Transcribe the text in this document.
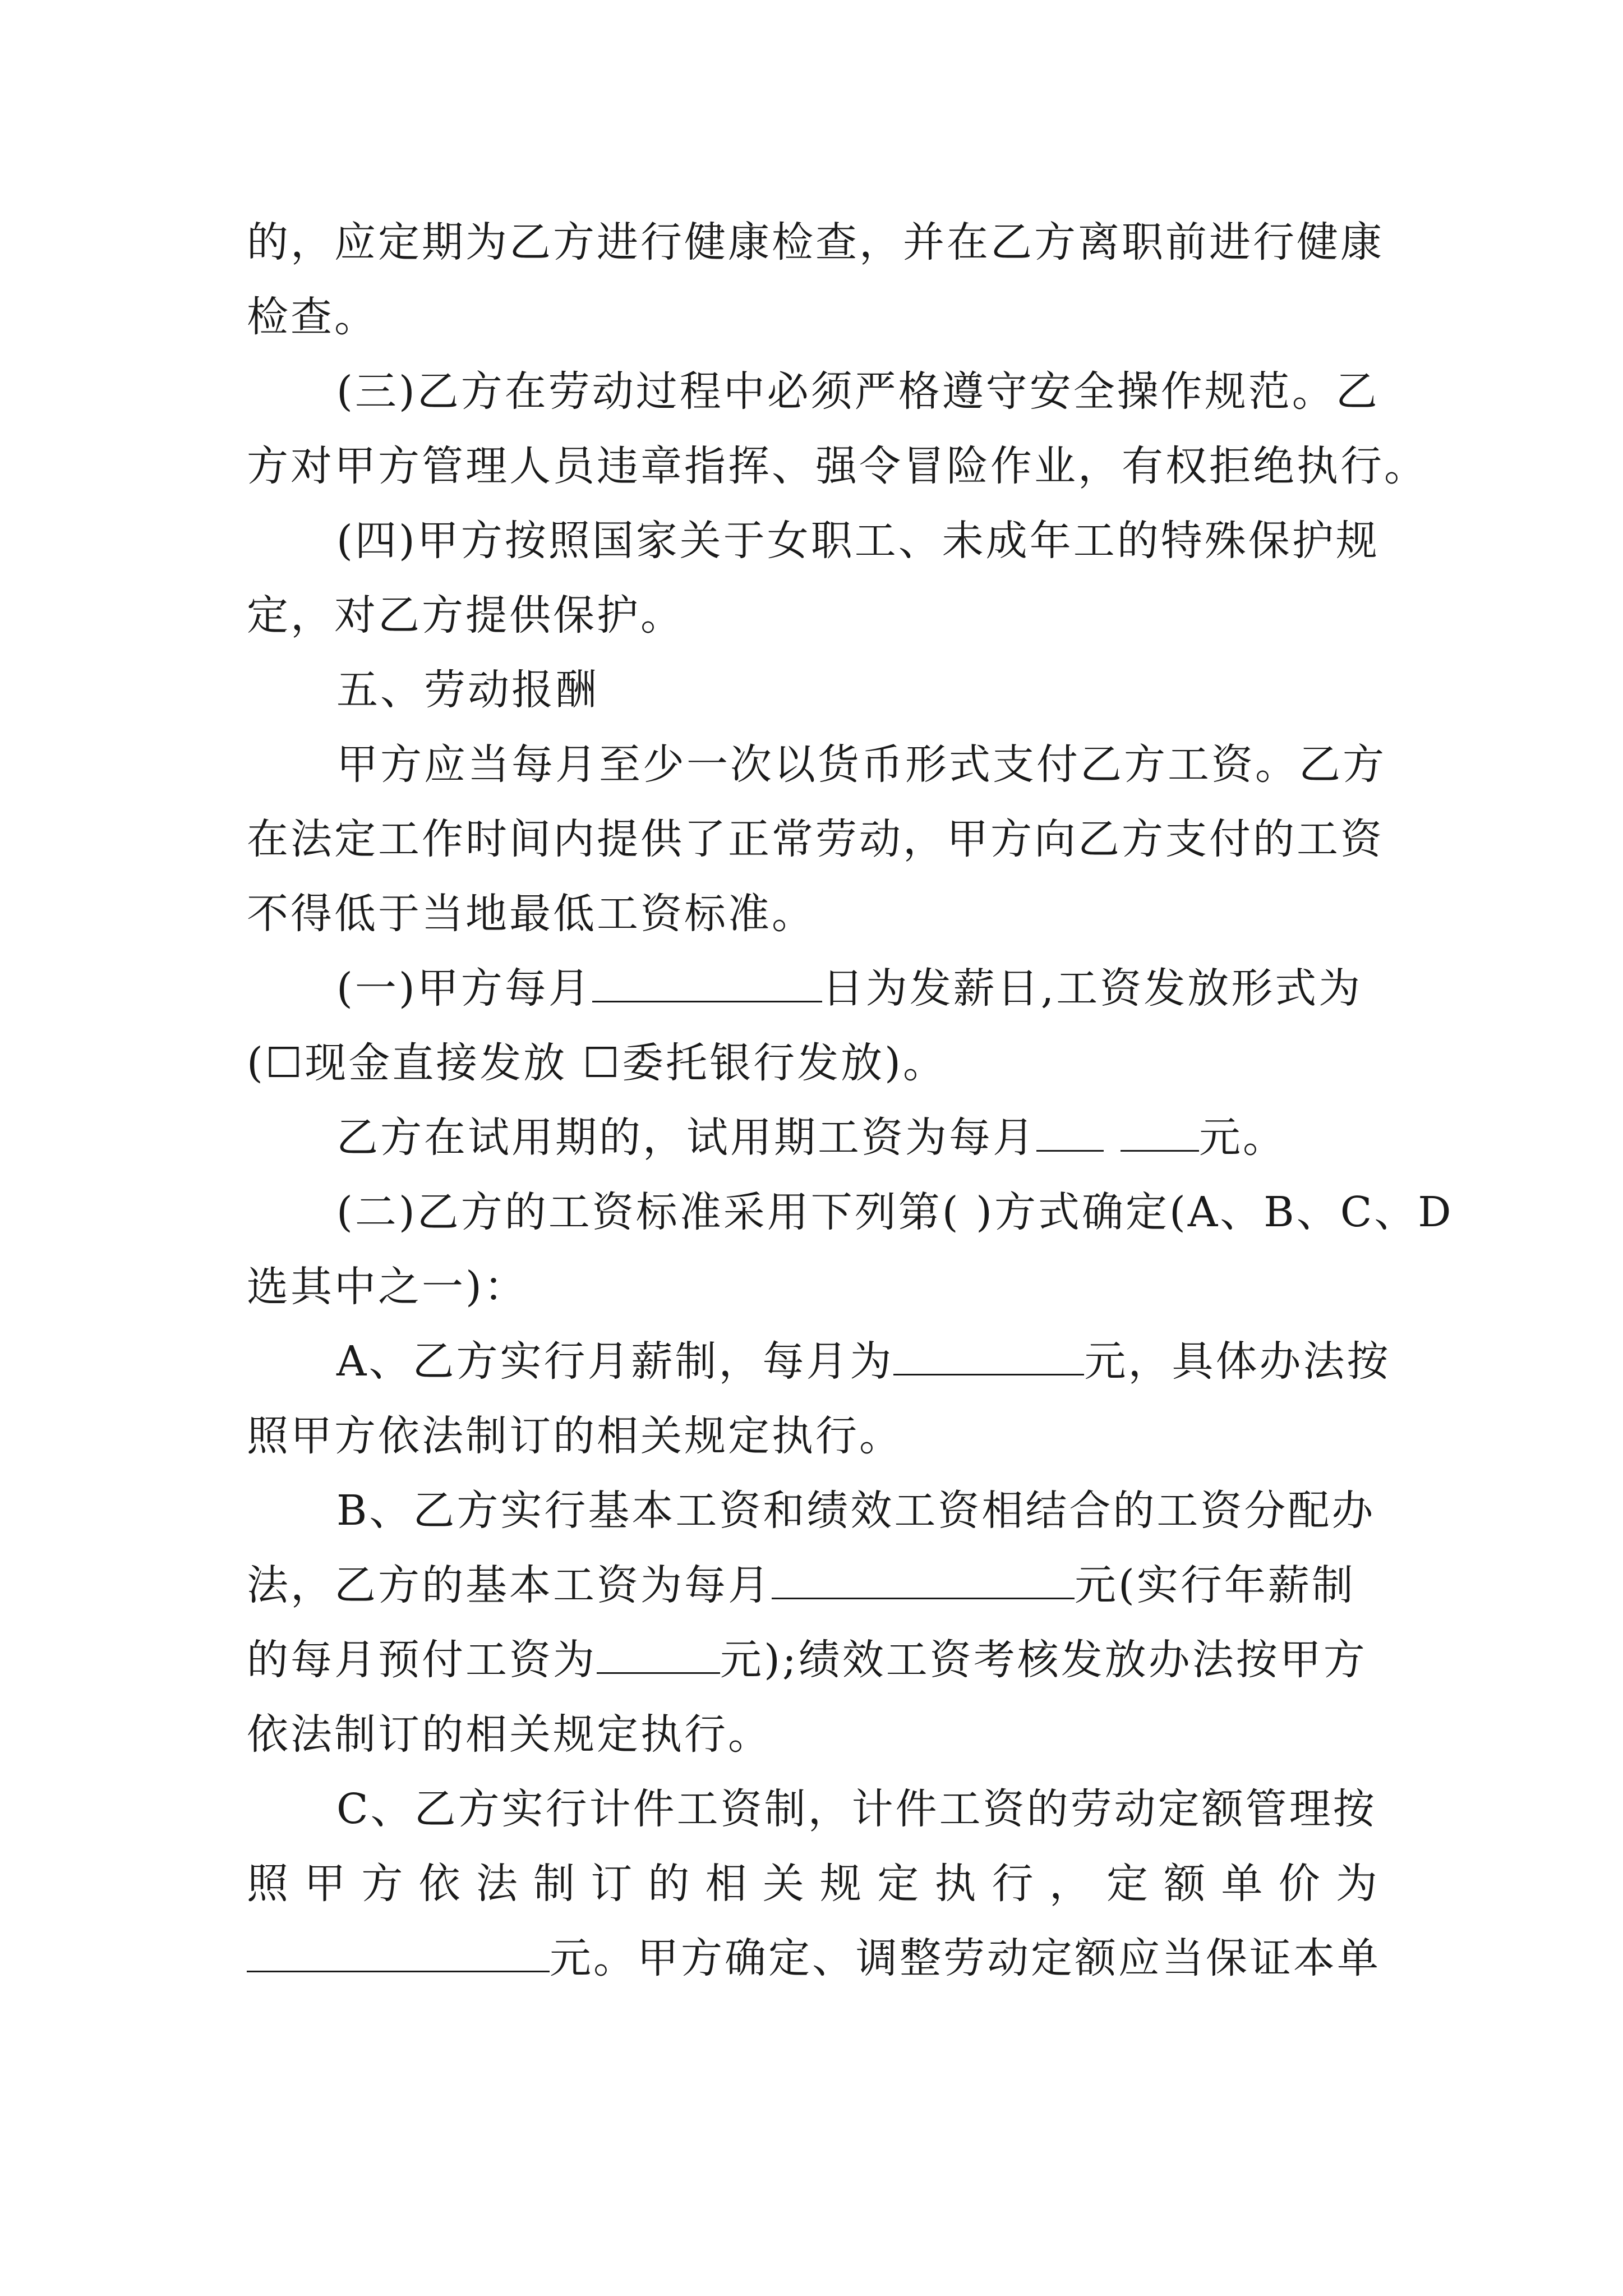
的，应定期为乙方进行健康检查，并在乙方离职前进行健康
检查。
(三)乙方在劳动过程中必须严格遵守安全操作规范。乙
方对甲方管理人员违章指挥、强令冒险作业，有权拒绝执行。
(四)甲方按照国家关于女职工、未成年工的特殊保护规
定，对乙方提供保护。
五、劳动报酬
甲方应当每月至少一次以货币形式支付乙方工资。乙方
在法定工作时间内提供了正常劳动，甲方向乙方支付的工资
不得低于当地最低工资标准。
(一)甲方每月	日为发薪日,工资发放形式为
(☐现金直接发放 ☐委托银行发放)。
乙方在试用期的，试用期工资为每月	元。
(二)乙方的工资标准采用下列第( )方式确定(A、B、C、D
选其中之一)：
A、乙方实行月薪制，每月为	元，具体办法按
照甲方依法制订的相关规定执行。
B、乙方实行基本工资和绩效工资相结合的工资分配办
法，乙方的基本工资为每月	元(实行年薪制
的每月预付工资为	元);绩效工资考核发放办法按甲方
依法制订的相关规定执行。
C、乙方实行计件工资制，计件工资的劳动定额管理按
照 甲 方 依 法 制 订 的 相 关 规 定 执 行 ， 定 额 单 价 为
元。甲方确定、调整劳动定额应当保证本单
